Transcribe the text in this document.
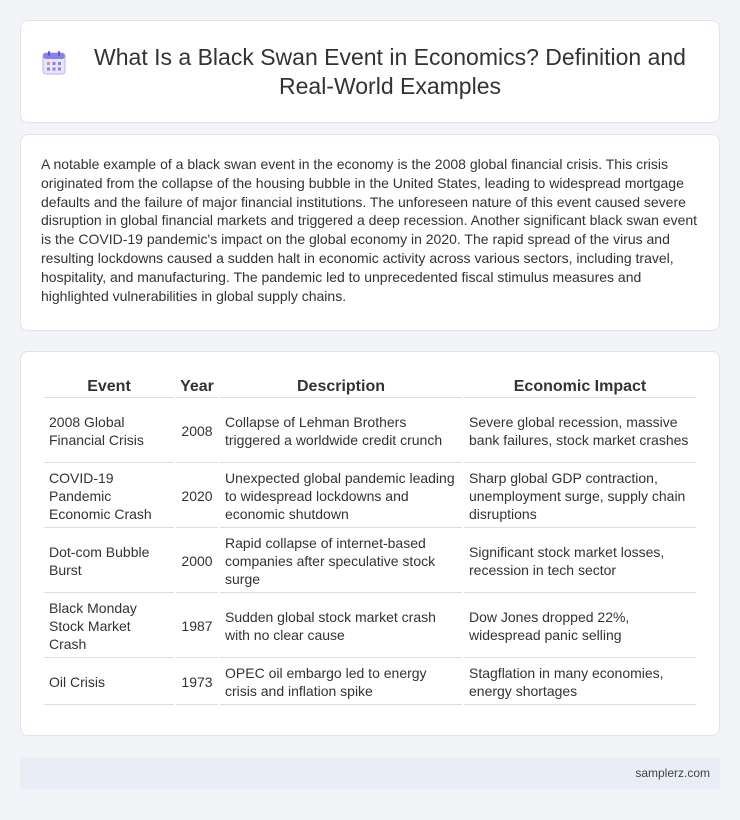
What Is a Black Swan Event in Economics? Definition and Real-World Examples

A notable example of a black swan event in the economy is the 2008 global financial crisis. This crisis originated from the collapse of the housing bubble in the United States, leading to widespread mortgage defaults and the failure of major financial institutions. The unforeseen nature of this event caused severe disruption in global financial markets and triggered a deep recession. Another significant black swan event is the COVID-19 pandemic's impact on the global economy in 2020. The rapid spread of the virus and resulting lockdowns caused a sudden halt in economic activity across various sectors, including travel, hospitality, and manufacturing. The pandemic led to unprecedented fiscal stimulus measures and highlighted vulnerabilities in global supply chains.

Event	Year	Description	Economic Impact
2008 Global Financial Crisis	2008	Collapse of Lehman Brothers triggered a worldwide credit crunch	Severe global recession, massive bank failures, stock market crashes
COVID-19 Pandemic Economic Crash	2020	Unexpected global pandemic leading to widespread lockdowns and economic shutdown	Sharp global GDP contraction, unemployment surge, supply chain disruptions
Dot-com Bubble Burst	2000	Rapid collapse of internet-based companies after speculative stock surge	Significant stock market losses, recession in tech sector
Black Monday Stock Market Crash	1987	Sudden global stock market crash with no clear cause	Dow Jones dropped 22%, widespread panic selling
Oil Crisis	1973	OPEC oil embargo led to energy crisis and inflation spike	Stagflation in many economies, energy shortages
samplerz.com
